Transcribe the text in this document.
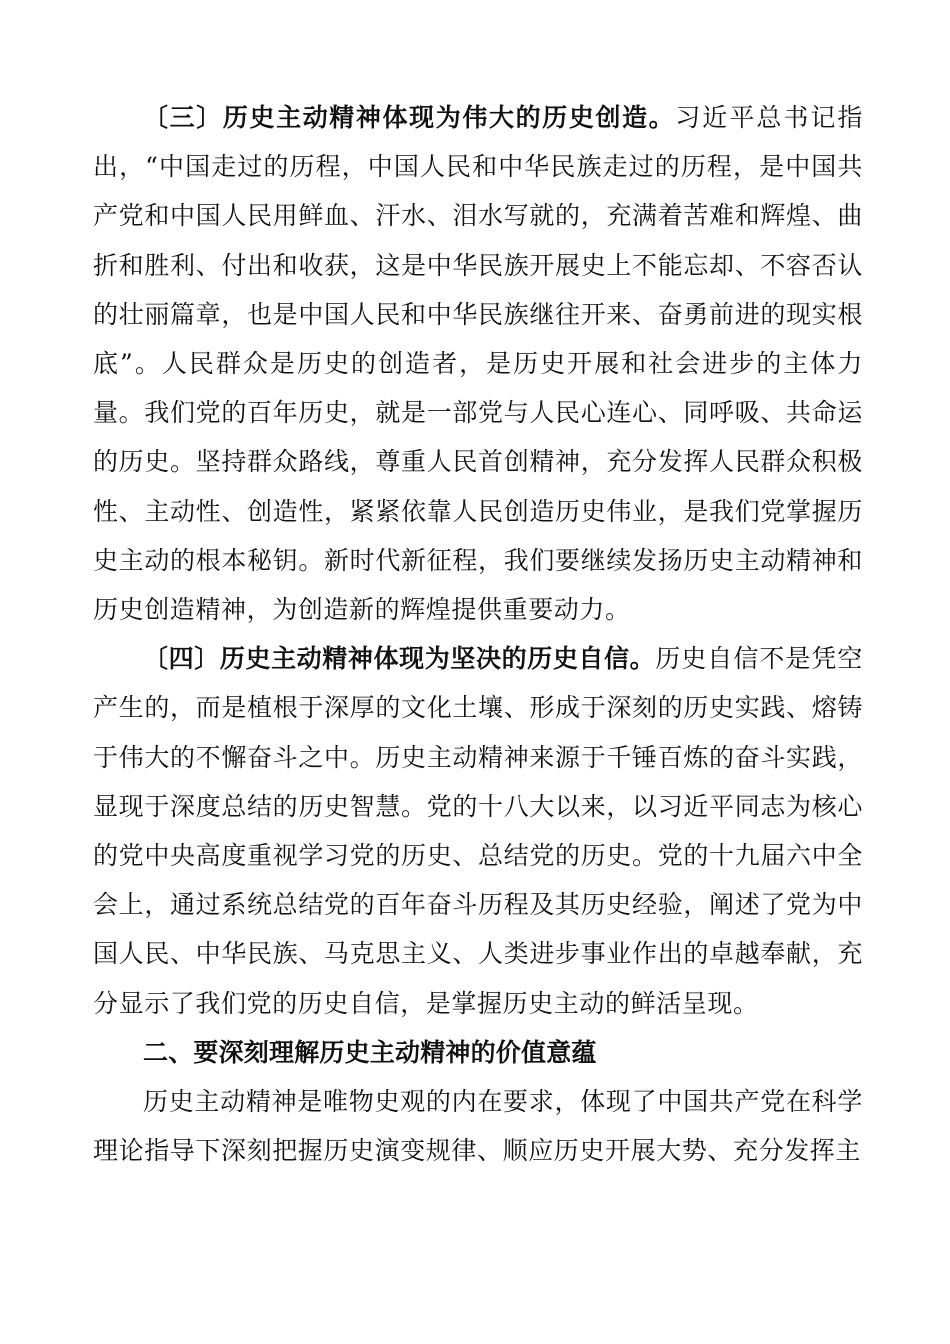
〔三〕历史主动精神体现为伟大的历史创造。习近平总书记指出，“中国走过的历程，中国人民和中华民族走过的历程，是中国共产党和中国人民用鲜血、汗水、泪水写就的，充满着苦难和辉煌、曲折和胜利、付出和收获，这是中华民族开展史上不能忘却、不容否认的壮丽篇章，也是中国人民和中华民族继往开来、奋勇前进的现实根底”。人民群众是历史的创造者，是历史开展和社会进步的主体力量。我们党的百年历史，就是一部党与人民心连心、同呼吸、共命运的历史。坚持群众路线，尊重人民首创精神，充分发挥人民群众积极性、主动性、创造性，紧紧依靠人民创造历史伟业，是我们党掌握历史主动的根本秘钥。新时代新征程，我们要继续发扬历史主动精神和历史创造精神，为创造新的辉煌提供重要动力。

〔四〕历史主动精神体现为坚决的历史自信。历史自信不是凭空产生的，而是植根于深厚的文化土壤、形成于深刻的历史实践、熔铸于伟大的不懈奋斗之中。历史主动精神来源于千锤百炼的奋斗实践，显现于深度总结的历史智慧。党的十八大以来，以习近平同志为核心的党中央高度重视学习党的历史、总结党的历史。党的十九届六中全会上，通过系统总结党的百年奋斗历程及其历史经验，阐述了党为中国人民、中华民族、马克思主义、人类进步事业作出的卓越奉献，充分显示了我们党的历史自信，是掌握历史主动的鲜活呈现。

二、要深刻理解历史主动精神的价值意蕴

历史主动精神是唯物史观的内在要求，体现了中国共产党在科学理论指导下深刻把握历史演变规律、顺应历史开展大势、充分发挥主
